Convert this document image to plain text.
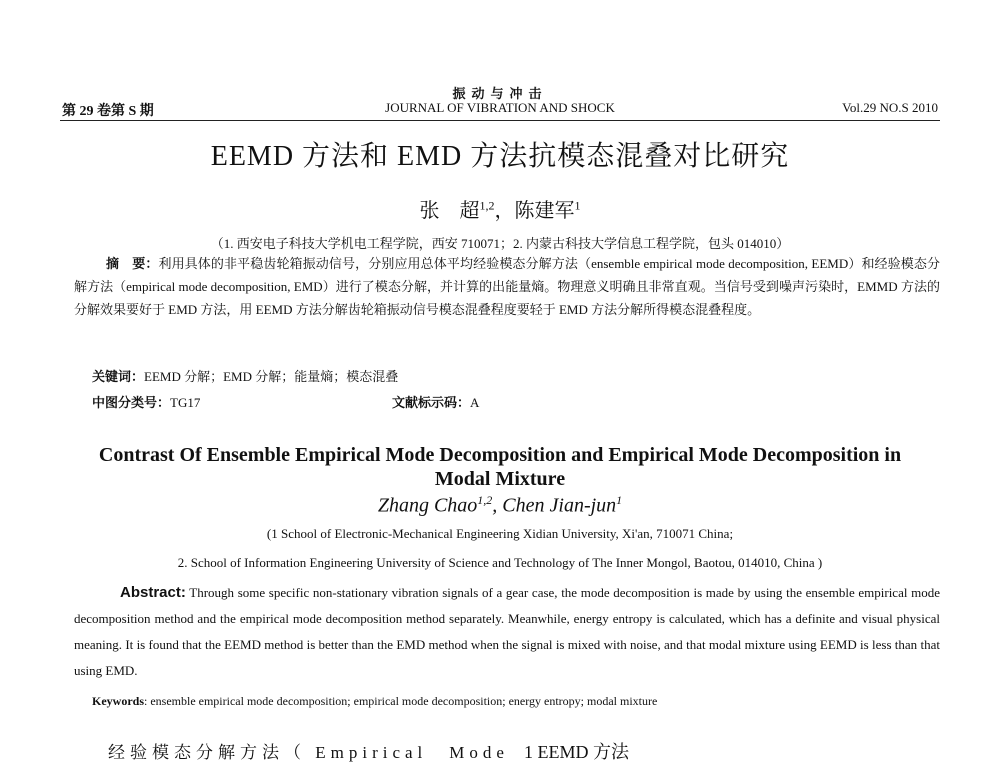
振动与冲击
第 29 卷第 S 期	JOURNAL OF VIBRATION AND SHOCK	Vol.29 NO.S 2010
EEMD 方法和 EMD 方法抗模态混叠对比研究
张　超$^{1,2}$，陈建军$^1$
（1. 西安电子科技大学机电工程学院，西安 710071；2. 内蒙古科技大学信息工程学院，包头 014010）
摘　要：利用具体的非平稳齿轮箱振动信号，分别应用总体平均经验模态分解方法（ensemble empirical mode decomposition, EEMD）和经验模态分解方法（empirical mode decomposition, EMD）进行了模态分解，并计算的出能量熵。物理意义明确且非常直观。当信号受到噪声污染时，EMMD 方法的分解效果要好于 EMD 方法，用 EEMD 方法分解齿轮箱振动信号模态混叠程度要轻于 EMD 方法分解所得模态混叠程度。
关键词：EEMD 分解；EMD 分解；能量熵；模态混叠
中图分类号：TG17	文献标示码：A
Contrast Of Ensemble Empirical Mode Decomposition and Empirical Mode Decomposition in Modal Mixture
Zhang Chao$^{1,2}$, Chen Jian-jun$^1$
(1 School of Electronic-Mechanical Engineering Xidian University, Xi'an, 710071 China;
2. School of Information Engineering University of Science and Technology of The Inner Mongol, Baotou, 014010, China )
Abstract: Through some specific non-stationary vibration signals of a gear case, the mode decomposition is made by using the ensemble empirical mode decomposition method and the empirical mode decomposition method separately. Meanwhile, energy entropy is calculated, which has a definite and visual physical meaning. It is found that the EEMD method is better than the EMD method when the signal is mixed with noise, and that modal mixture using EEMD is less than that using EMD.
Keywords: ensemble empirical mode decomposition; empirical mode decomposition; energy entropy; modal mixture
经验模态分解方法（ Empirical　Mode 1 EEMD 方法
